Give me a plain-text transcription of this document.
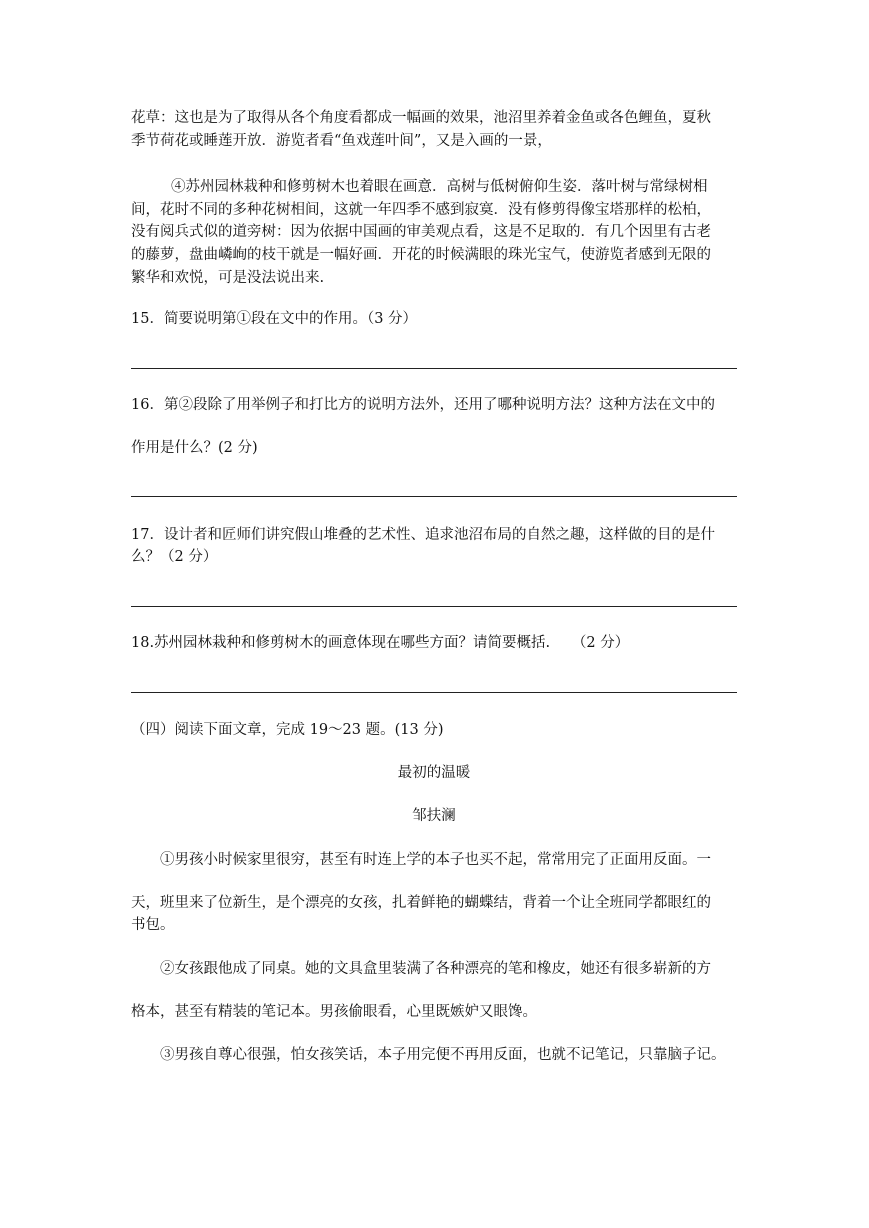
花草：这也是为了取得从各个角度看都成一幅画的效果，池沼里养着金鱼或各色鲤鱼，夏秋
季节荷花或睡莲开放．游览者看“鱼戏莲叶间”，又是入画的一景，
④苏州园林栽种和修剪树木也着眼在画意．高树与低树俯仰生姿．落叶树与常绿树相
间，花时不同的多种花树相间，这就一年四季不感到寂寞．没有修剪得像宝塔那样的松柏，
没有阅兵式似的道旁树：因为依据中国画的审美观点看，这是不足取的．有几个因里有古老
的藤萝，盘曲嶙峋的枝干就是一幅好画．开花的时候满眼的珠光宝气，使游览者感到无限的
繁华和欢悦，可是没法说出来.
15．简要说明第①段在文中的作用。（3 分）
16．第②段除了用举例子和打比方的说明方法外，还用了哪种说明方法？这种方法在文中的
作用是什么？(2 分)
17．设计者和匠师们讲究假山堆叠的艺术性、追求池沼布局的自然之趣，这样做的目的是什
么？（2 分）
18.苏州园林栽种和修剪树木的画意体现在哪些方面？请简要概括.　　（2 分）
（四）阅读下面文章，完成 19～23 题。(13 分)
最初的温暖
邹扶澜
①男孩小时候家里很穷，甚至有时连上学的本子也买不起，常常用完了正面用反面。一
天，班里来了位新生，是个漂亮的女孩，扎着鲜艳的蝴蝶结，背着一个让全班同学都眼红的
书包。
②女孩跟他成了同桌。她的文具盒里装满了各种漂亮的笔和橡皮，她还有很多崭新的方
格本，甚至有精装的笔记本。男孩偷眼看，心里既嫉妒又眼馋。
③男孩自尊心很强，怕女孩笑话，本子用完便不再用反面，也就不记笔记，只靠脑子记。
